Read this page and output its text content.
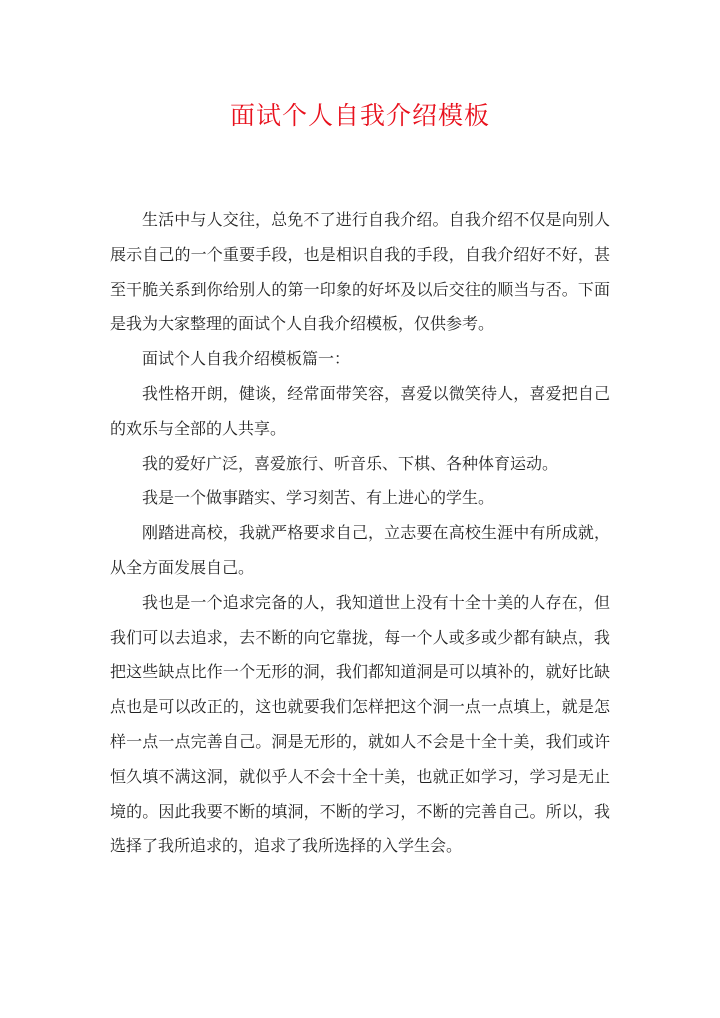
面试个人自我介绍模板

生活中与人交往，总免不了进行自我介绍。自我介绍不仅是向别人展示自己的一个重要手段，也是相识自我的手段，自我介绍好不好，甚至干脆关系到你给别人的第一印象的好坏及以后交往的顺当与否。下面是我为大家整理的面试个人自我介绍模板，仅供参考。

面试个人自我介绍模板篇一：

我性格开朗，健谈，经常面带笑容，喜爱以微笑待人，喜爱把自己的欢乐与全部的人共享。

我的爱好广泛，喜爱旅行、听音乐、下棋、各种体育运动。

我是一个做事踏实、学习刻苦、有上进心的学生。

刚踏进高校，我就严格要求自己，立志要在高校生涯中有所成就，从全方面发展自己。

我也是一个追求完备的人，我知道世上没有十全十美的人存在，但我们可以去追求，去不断的向它靠拢，每一个人或多或少都有缺点，我把这些缺点比作一个无形的洞，我们都知道洞是可以填补的，就好比缺点也是可以改正的，这也就要我们怎样把这个洞一点一点填上，就是怎样一点一点完善自己。洞是无形的，就如人不会是十全十美，我们或许恒久填不满这洞，就似乎人不会十全十美，也就正如学习，学习是无止境的。因此我要不断的填洞，不断的学习，不断的完善自己。所以，我选择了我所追求的，追求了我所选择的入学生会。
